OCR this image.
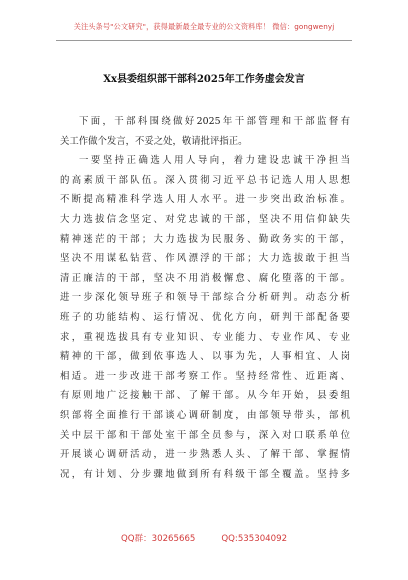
关注头条号"公文研究"，获得最新最全最专业的公文资料库！ 微信：gongwenyj
Xx县委组织部干部科2025年工作务虚会发言
下面，干部科围绕做好2025年干部管理和干部监督有
关工作做个发言，不妥之处，敬请批评指正。
一要坚持正确选人用人导向，着力建设忠诚干净担当
的高素质干部队伍。深入贯彻习近平总书记选人用人思想
不断提高精准科学选人用人水平。进一步突出政治标准。
大力选拔信念坚定、对党忠诚的干部，坚决不用信仰缺失
精神迷茫的干部；大力选拔为民服务、勤政务实的干部，
坚决不用谋私钻营、作风漂浮的干部；大力选拔敢于担当
清正廉洁的干部，坚决不用消极懈怠、腐化堕落的干部。
进一步深化领导班子和领导干部综合分析研判。动态分析
班子的功能结构、运行情况、优化方向，研判干部配备要
求，重视选拔具有专业知识、专业能力、专业作风、专业
精神的干部，做到依事选人、以事为先，人事相宜、人岗
相适。进一步改进干部考察工作。坚持经常性、近距离、
有原则地广泛接触干部、了解干部。从今年开始，县委组
织部将全面推行干部谈心调研制度，由部领导带头，部机
关中层干部和干部处室干部全员参与，深入对口联系单位
开展谈心调研活动，进一步熟悉人头、了解干部、掌握情
况，有计划、分步骤地做到所有科级干部全覆盖。坚持多
QQ群：30265665	QQ:535304092
